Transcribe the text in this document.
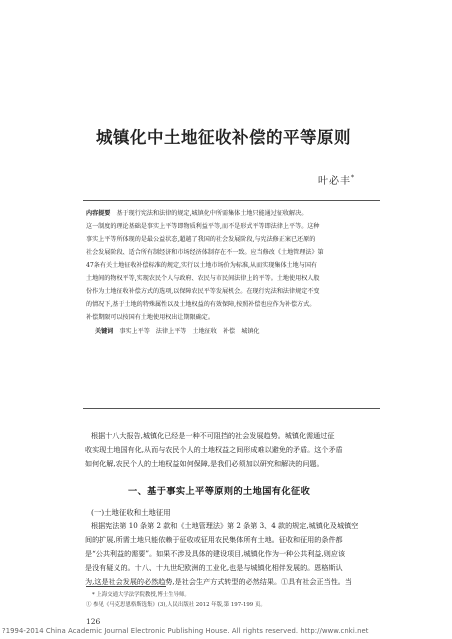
城镇化中土地征收补偿的平等原则
叶必丰*
内容提要  基于现行宪法和法律的规定,城镇化中所需集体土地只能通过征收解决。
这一制度的理论基础是事实上平等即物质利益平等,而不是形式平等即法律上平等。这种
事实上平等所体现的是最公益状态,超越了我国的社会发展阶段,与宪法修正案已还原的
社会发展阶段、适合所有制经济和市场经济体制存在不一致。应当修改《土地管理法》第
47条有关土地征收补偿标准的规定,实行以土地市场价为标准,从而实现集体土地与国有
土地间的物权平等,实现农民个人与政府、农民与市民间法律上的平等。土地使用权人股
份作为土地征收补偿方式的选项,以保障农民平等发展机会。在现行宪法和法律规定不变
的情况下,基于土地的特殊属性以及土地权益的有效保障,按照补偿也应作为补偿方式。
补偿期限可以按国有土地使用权出让期限确定。
关键词  事实上平等　法律上平等　土地征收　补偿　城镇化
根据十八大报告,城镇化已经是一种不可阻挡的社会发展趋势。城镇化需通过征
收实现土地国有化,从而与农民个人的土地权益之间形成难以避免的矛盾。这个矛盾
如何化解,农民个人的土地权益如何保障,是我们必须加以研究和解决的问题。
一、基于事实上平等原则的土地国有化征收
(一)土地征收和土地征用
根据宪法第 10 条第 2 款和《土地管理法》第 2 条第 3、4 款的规定,城镇化及城镇空
间的扩展,所需土地只能依赖于征收或征用农民集体所有土地。征收和征用的条件都
是“公共利益的需要”。如果不涉及具体的建设项目,城镇化作为一种公共利益,则应该
是没有疑义的。十八、十九世纪欧洲的工业化,也是与城镇化相伴发展的。恩格斯认
为,这是社会发展的必然趋势,是社会生产方式转型的必然结果。①具有社会正当性。当
* 上海交通大学法学院教授,博士生导师。
① 参见《马克思恩格斯选集》(3),人民出版社 2012 年版,第 197-199 页。
126
?1994-2014 China Academic Journal Electronic Publishing House. All rights reserved. http://www.cnki.net
